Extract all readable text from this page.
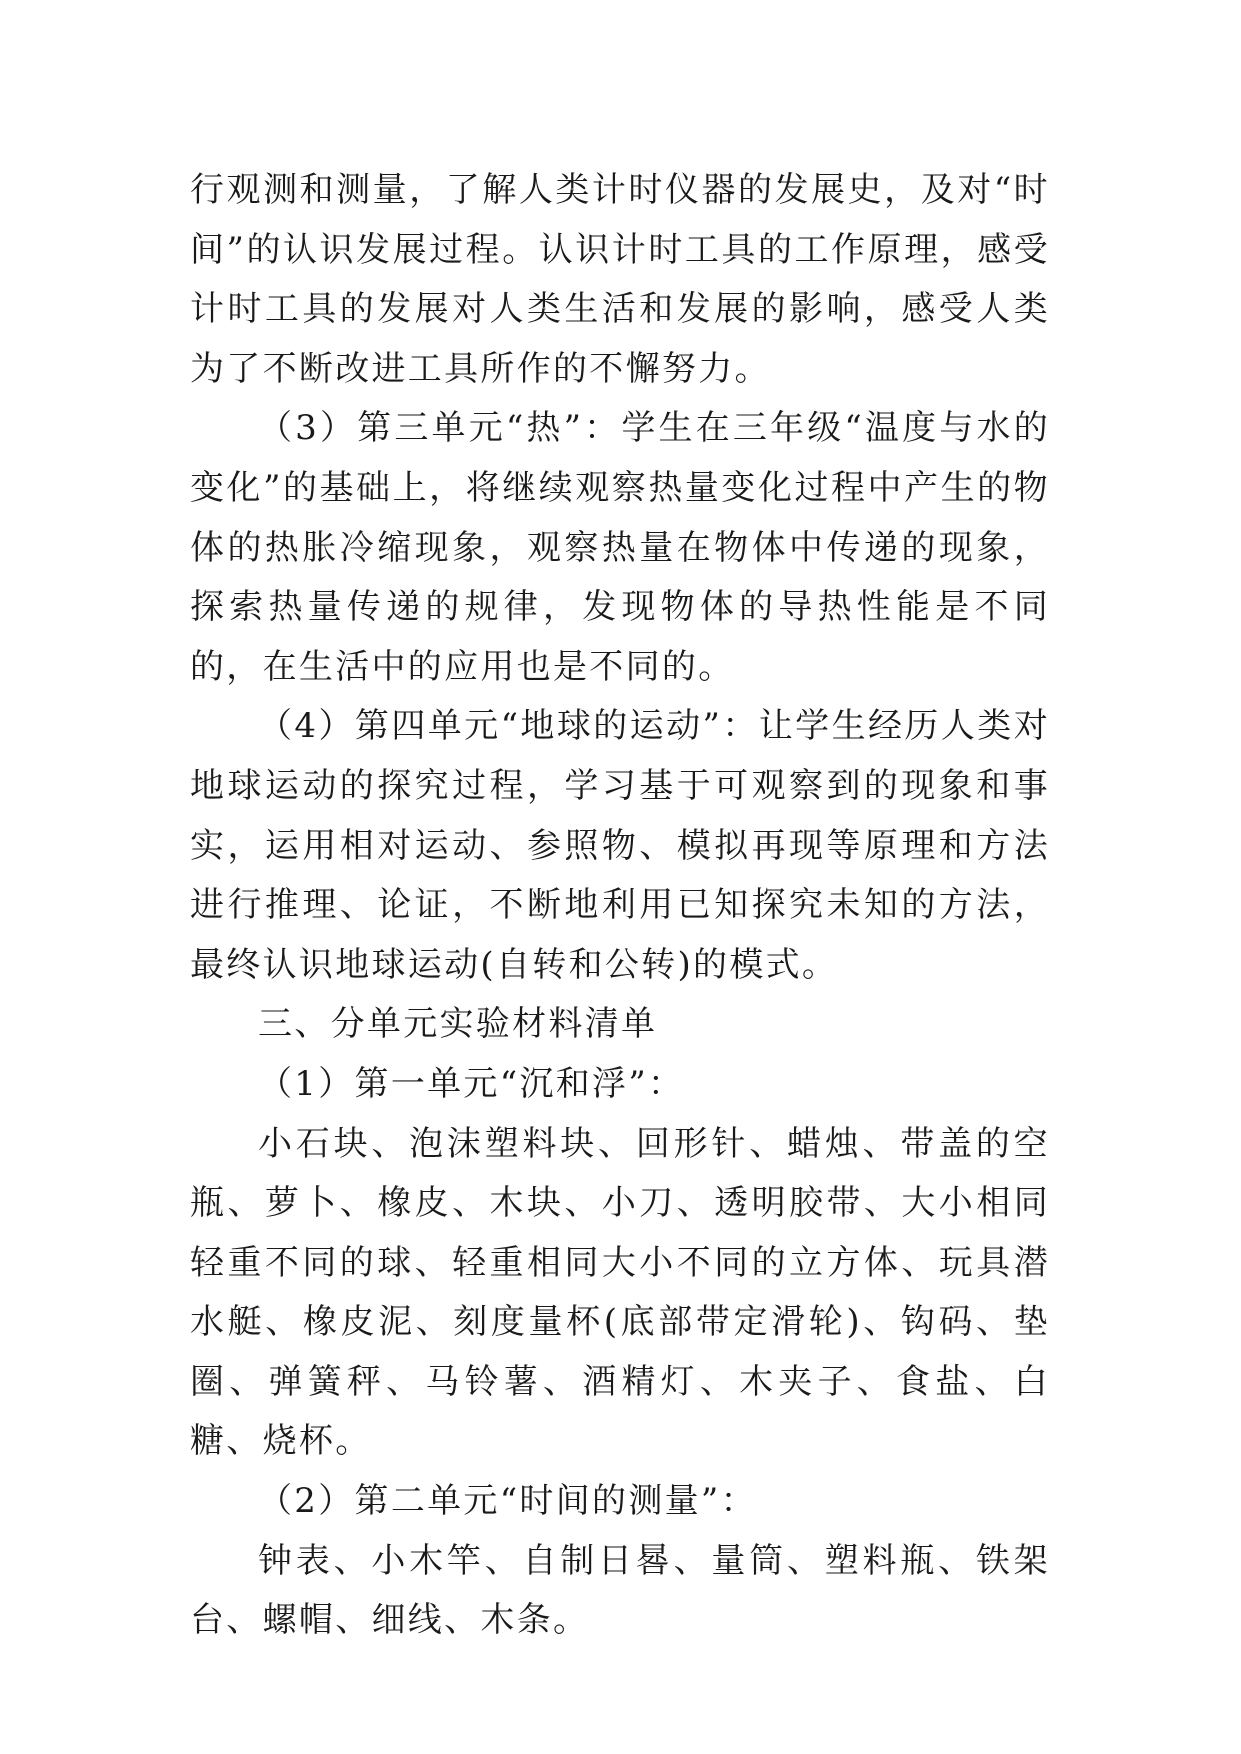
行观测和测量，了解人类计时仪器的发展史，及对“时间”的认识发展过程。认识计时工具的工作原理，感受计时工具的发展对人类生活和发展的影响，感受人类为了不断改进工具所作的不懈努力。

（3）第三单元“热”：学生在三年级“温度与水的变化”的基础上，将继续观察热量变化过程中产生的物体的热胀冷缩现象，观察热量在物体中传递的现象，探索热量传递的规律，发现物体的导热性能是不同的，在生活中的应用也是不同的。

（4）第四单元“地球的运动”：让学生经历人类对地球运动的探究过程，学习基于可观察到的现象和事实，运用相对运动、参照物、模拟再现等原理和方法进行推理、论证，不断地利用已知探究未知的方法，最终认识地球运动(自转和公转)的模式。

三、分单元实验材料清单

（1）第一单元“沉和浮”：

小石块、泡沫塑料块、回形针、蜡烛、带盖的空瓶、萝卜、橡皮、木块、小刀、透明胶带、大小相同轻重不同的球、轻重相同大小不同的立方体、玩具潜水艇、橡皮泥、刻度量杯(底部带定滑轮)、钩码、垫圈、弹簧秤、马铃薯、酒精灯、木夹子、食盐、白糖、烧杯。

（2）第二单元“时间的测量”：

钟表、小木竿、自制日晷、量筒、塑料瓶、铁架台、螺帽、细线、木条。
